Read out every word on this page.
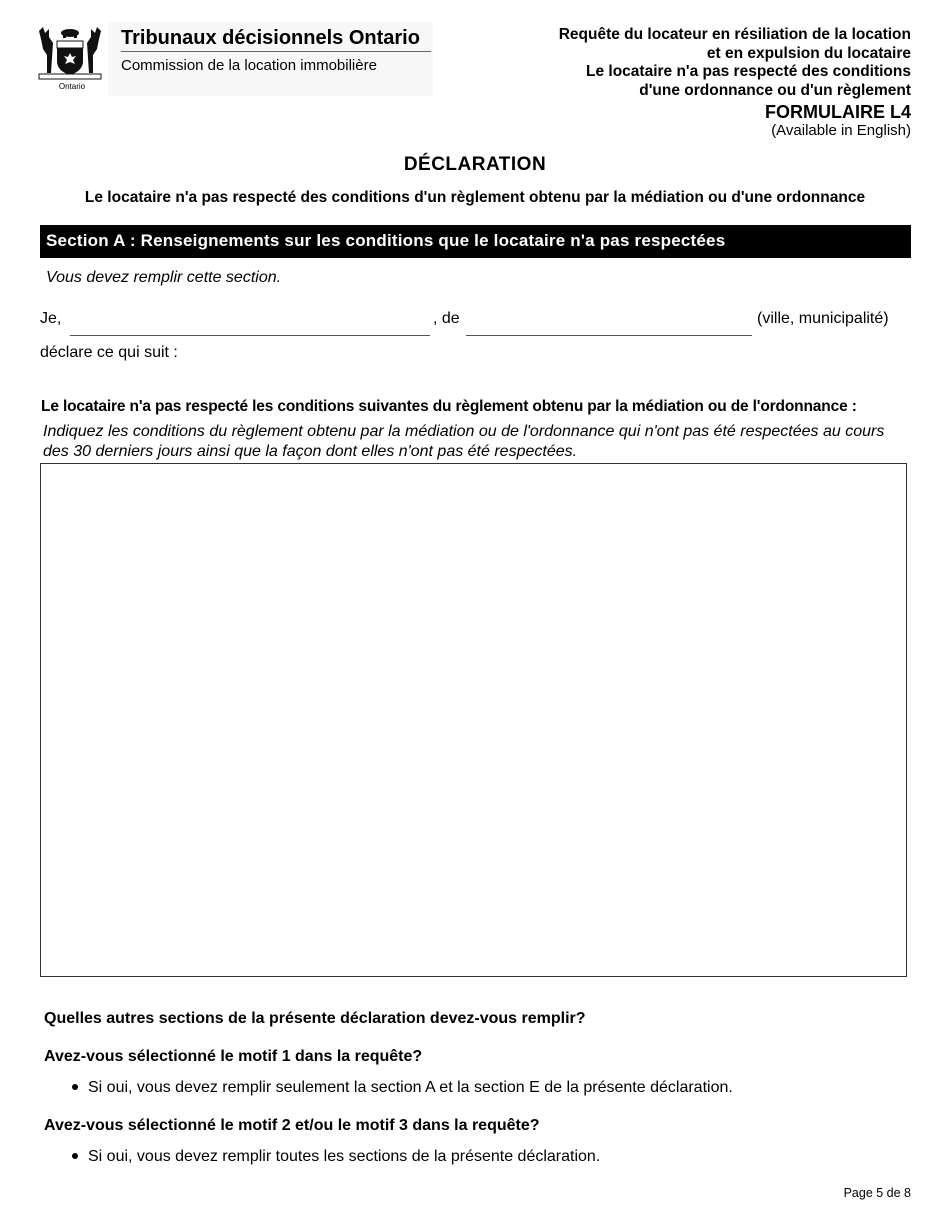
Ontario
Tribunaux décisionnels Ontario
Commission de la location immobilière
Requête du locateur en résiliation de la location
et en expulsion du locataire
Le locataire n'a pas respecté des conditions
d'une ordonnance ou d'un règlement
FORMULAIRE L4
(Available in English)
DÉCLARATION
Le locataire n'a pas respecté des conditions d'un règlement obtenu par la médiation ou d'une ordonnance
Section A : Renseignements sur les conditions que le locataire n'a pas respectées
Vous devez remplir cette section.
Je,	, de	(ville, municipalité)
déclare ce qui suit :
Le locataire n'a pas respecté les conditions suivantes du règlement obtenu par la médiation ou de l'ordonnance :
Indiquez les conditions du règlement obtenu par la médiation ou de l'ordonnance qui n'ont pas été respectées au cours des 30 derniers jours ainsi que la façon dont elles n'ont pas été respectées.
Quelles autres sections de la présente déclaration devez-vous remplir?
Avez-vous sélectionné le motif 1 dans la requête?
Si oui, vous devez remplir seulement la section A et la section E de la présente déclaration.
Avez-vous sélectionné le motif 2 et/ou le motif 3 dans la requête?
Si oui, vous devez remplir toutes les sections de la présente déclaration.
Page 5 de 8
